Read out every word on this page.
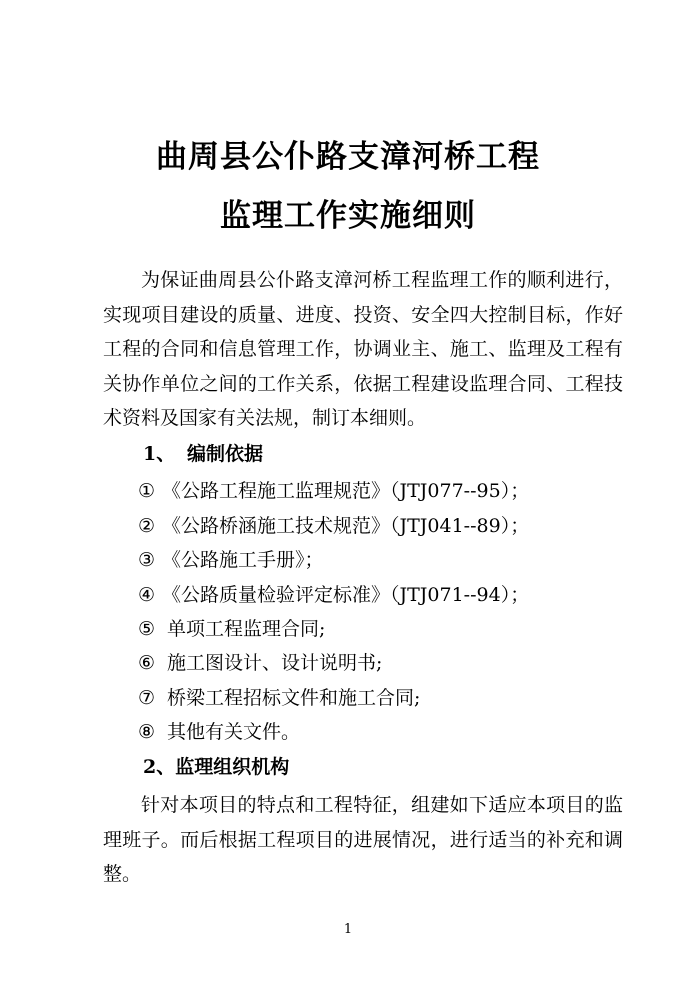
曲周县公仆路支漳河桥工程
监理工作实施细则
为保证曲周县公仆路支漳河桥工程监理工作的顺利进行，实现项目建设的质量、进度、投资、安全四大控制目标，作好工程的合同和信息管理工作，协调业主、施工、监理及工程有关协作单位之间的工作关系，依据工程建设监理合同、工程技术资料及国家有关法规，制订本细则。
1、 编制依据
① 《公路工程施工监理规范》（JTJ077--95）；
② 《公路桥涵施工技术规范》（JTJ041--89）；
③ 《公路施工手册》；
④ 《公路质量检验评定标准》（JTJ071--94）；
⑤ 单项工程监理合同;
⑥ 施工图设计、设计说明书;
⑦ 桥梁工程招标文件和施工合同;
⑧ 其他有关文件。
2、监理组织机构
针对本项目的特点和工程特征，组建如下适应本项目的监理班子。而后根据工程项目的进展情况，进行适当的补充和调整。
1
